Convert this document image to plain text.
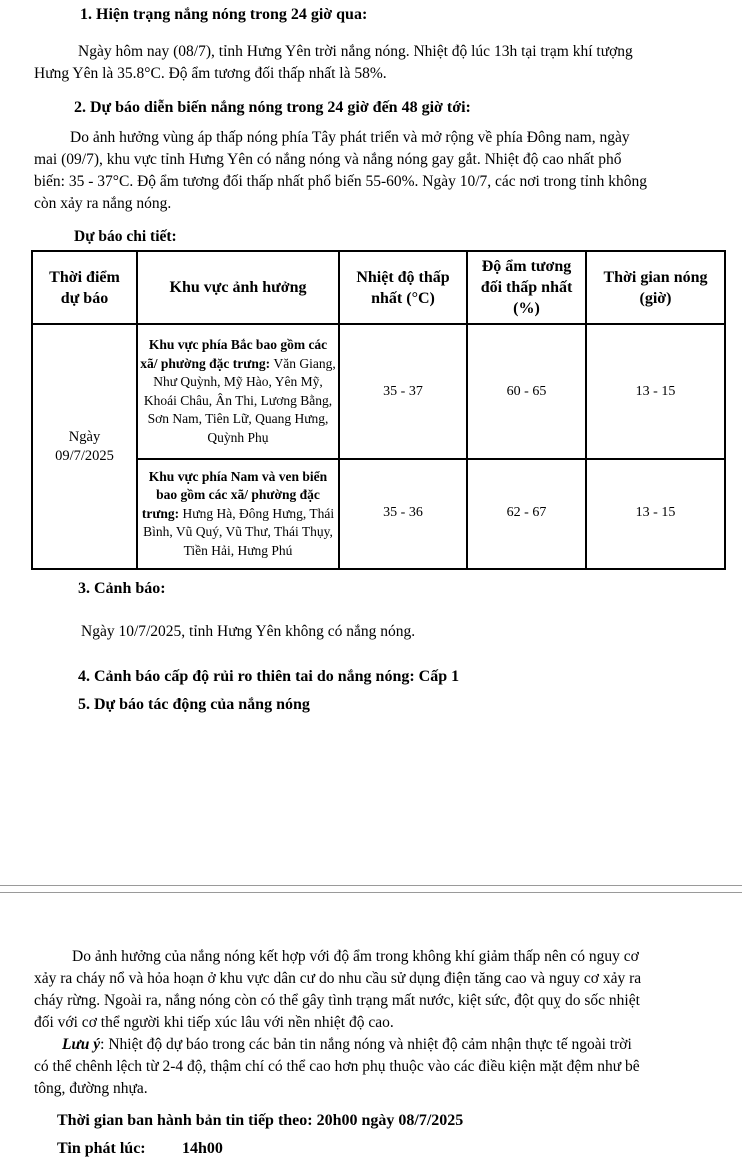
1. Hiện trạng nắng nóng trong 24 giờ qua:

Ngày hôm nay (08/7), tỉnh Hưng Yên trời nắng nóng. Nhiệt độ lúc 13h tại trạm khí tượng

Hưng Yên là 35.8°C. Độ ẩm tương đối thấp nhất là 58%.

2. Dự báo diễn biến nắng nóng trong 24 giờ đến 48 giờ tới:

Do ảnh hưởng vùng áp thấp nóng phía Tây phát triển và mở rộng về phía Đông nam, ngày

mai (09/7), khu vực tỉnh Hưng Yên có nắng nóng và nắng nóng gay gắt. Nhiệt độ cao nhất phổ

biến: 35 - 37°C. Độ ẩm tương đối thấp nhất phổ biến 55-60%. Ngày 10/7, các nơi trong tỉnh không

còn xảy ra nắng nóng.

Dự báo chi tiết:
Thời điểm dự báo	Khu vực ảnh hưởng	Nhiệt độ thấp nhất (°C)	Độ ẩm tương đối thấp nhất (%)	Thời gian nóng (giờ)

Ngày 09/7/2025	Khu vực phía Bắc bao gồm các xã/ phường đặc trưng: Văn Giang, Như Quỳnh, Mỹ Hào, Yên Mỹ, Khoái Châu, Ân Thi, Lương Bằng, Sơn Nam, Tiên Lữ, Quang Hưng, Quỳnh Phụ	35 - 37	60 - 65	13 - 15

	Khu vực phía Nam và ven biển bao gồm các xã/ phường đặc trưng: Hưng Hà, Đông Hưng, Thái Bình, Vũ Quý, Vũ Thư, Thái Thụy, Tiền Hải, Hưng Phú	35 - 36	62 - 67	13 - 15
3. Cảnh báo:
Ngày 10/7/2025, tỉnh Hưng Yên không có nắng nóng.
4. Cảnh báo cấp độ rủi ro thiên tai do nắng nóng: Cấp 1
5. Dự báo tác động của nắng nóng

Do ảnh hưởng của nắng nóng kết hợp với độ ẩm trong không khí giảm thấp nên có nguy cơ

xảy ra cháy nổ và hỏa hoạn ở khu vực dân cư do nhu cầu sử dụng điện tăng cao và nguy cơ xảy ra

cháy rừng. Ngoài ra, nắng nóng còn có thể gây tình trạng mất nước, kiệt sức, đột quỵ do sốc nhiệt

đối với cơ thể người khi tiếp xúc lâu với nền nhiệt độ cao.

Lưu ý: Nhiệt độ dự báo trong các bản tin nắng nóng và nhiệt độ cảm nhận thực tế ngoài trời

có thể chênh lệch từ 2-4 độ, thậm chí có thể cao hơn phụ thuộc vào các điều kiện mặt đệm như bê

tông, đường nhựa.

Thời gian ban hành bản tin tiếp theo: 20h00 ngày 08/7/2025
Tin phát lúc: 14h00
